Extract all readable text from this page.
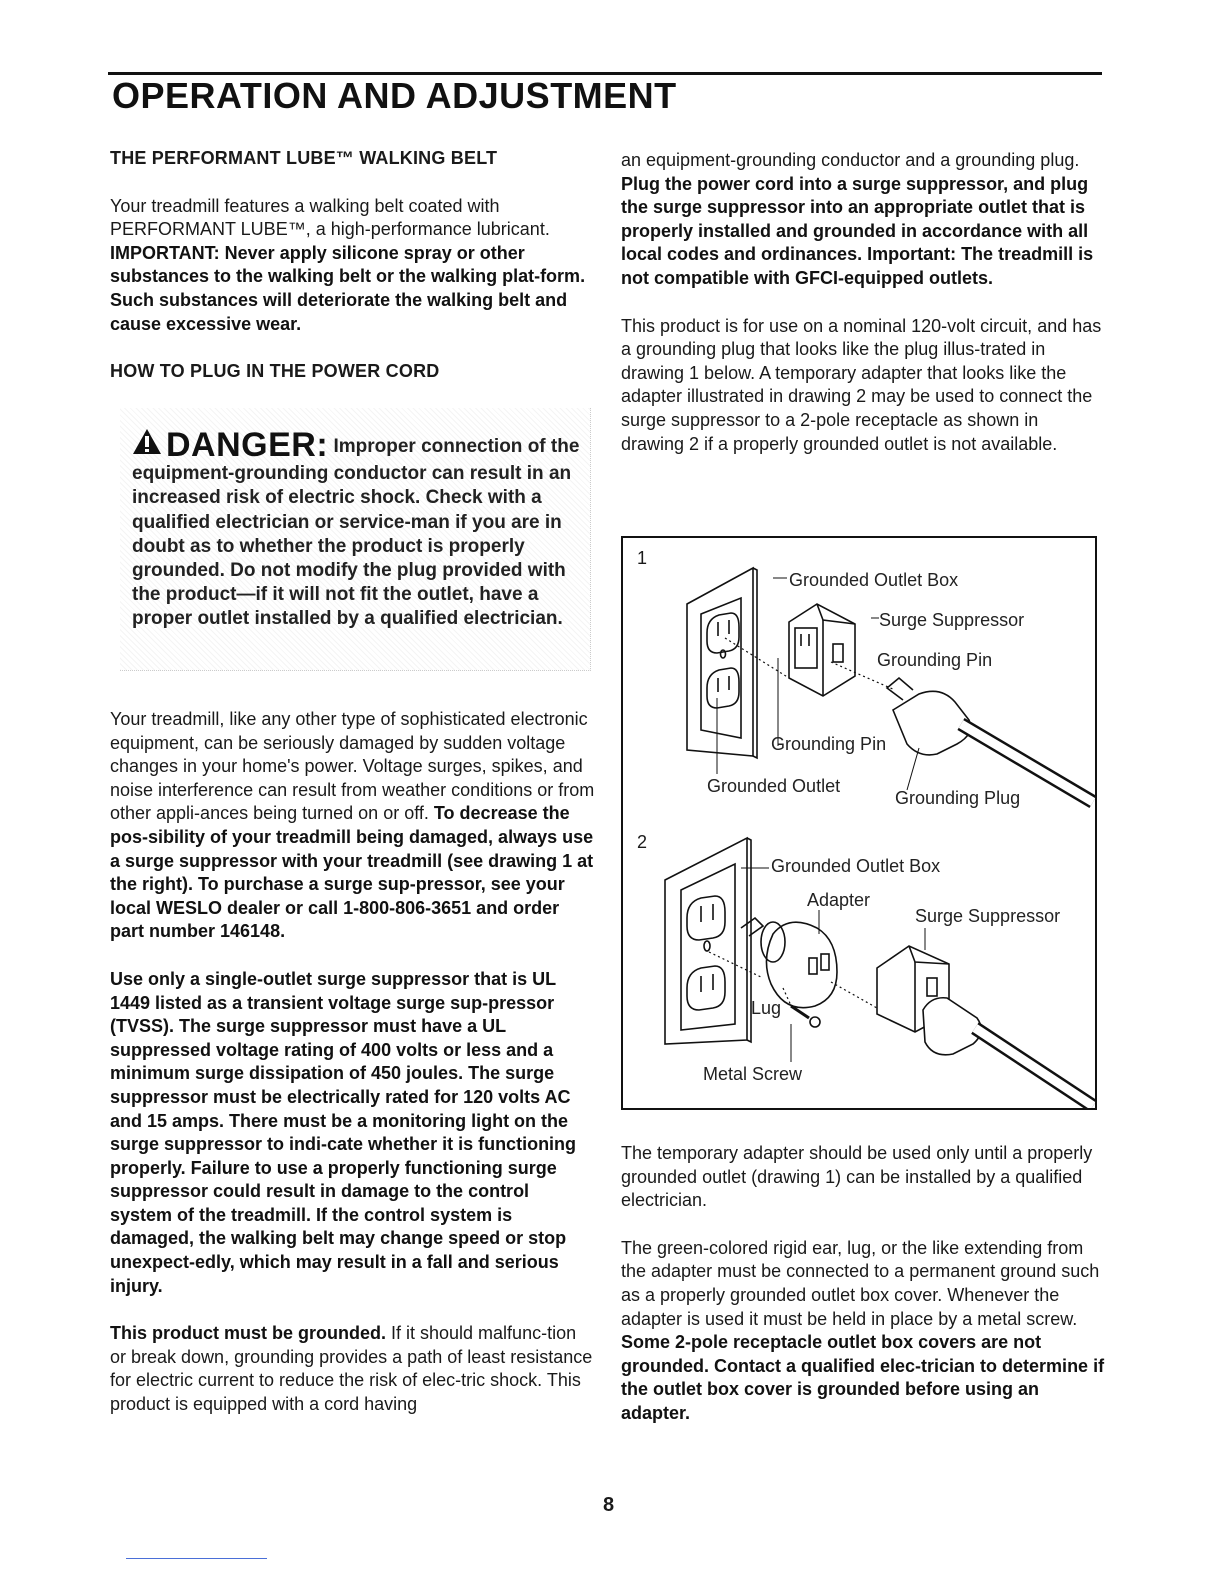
OPERATION AND ADJUSTMENT

THE PERFORMANT LUBE™ WALKING BELT

Your treadmill features a walking belt coated with PERFORMANT LUBE™, a high-performance lubricant. IMPORTANT: Never apply silicone spray or other substances to the walking belt or the walking plat-form. Such substances will deteriorate the walking belt and cause excessive wear.

HOW TO PLUG IN THE POWER CORD

DANGER: Improper connection of the equipment-grounding conductor can result in an increased risk of electric shock. Check with a qualified electrician or service-man if you are in doubt as to whether the product is properly grounded. Do not modify the plug provided with the product—if it will not fit the outlet, have a proper outlet installed by a qualified electrician.

Your treadmill, like any other type of sophisticated electronic equipment, can be seriously damaged by sudden voltage changes in your home's power. Voltage surges, spikes, and noise interference can result from weather conditions or from other appli-ances being turned on or off. To decrease the pos-sibility of your treadmill being damaged, always use a surge suppressor with your treadmill (see drawing 1 at the right). To purchase a surge sup-pressor, see your local WESLO dealer or call 1-800-806-3651 and order part number 146148.

Use only a single-outlet surge suppressor that is UL 1449 listed as a transient voltage surge sup-pressor (TVSS). The surge suppressor must have a UL suppressed voltage rating of 400 volts or less and a minimum surge dissipation of 450 joules. The surge suppressor must be electrically rated for 120 volts AC and 15 amps. There must be a monitoring light on the surge suppressor to indi-cate whether it is functioning properly. Failure to use a properly functioning surge suppressor could result in damage to the control system of the treadmill. If the control system is damaged, the walking belt may change speed or stop unexpect-edly, which may result in a fall and serious injury.

This product must be grounded. If it should malfunc-tion or break down, grounding provides a path of least resistance for electric current to reduce the risk of elec-tric shock. This product is equipped with a cord having

an equipment-grounding conductor and a grounding plug. Plug the power cord into a surge suppressor, and plug the surge suppressor into an appropriate outlet that is properly installed and grounded in accordance with all local codes and ordinances. Important: The treadmill is not compatible with GFCI-equipped outlets.

This product is for use on a nominal 120-volt circuit, and has a grounding plug that looks like the plug illus-trated in drawing 1 below. A temporary adapter that looks like the adapter illustrated in drawing 2 may be used to connect the surge suppressor to a 2-pole receptacle as shown in drawing 2 if a properly grounded outlet is not available.

1
Grounded Outlet Box
Surge Suppressor
Grounding Pin
Grounding Pin
Grounded Outlet
Grounding Plug
2
Grounded Outlet Box
Adapter
Surge Suppressor
Lug
Metal Screw

The temporary adapter should be used only until a properly grounded outlet (drawing 1) can be installed by a qualified electrician.

The green-colored rigid ear, lug, or the like extending from the adapter must be connected to a permanent ground such as a properly grounded outlet box cover. Whenever the adapter is used it must be held in place by a metal screw. Some 2-pole receptacle outlet box covers are not grounded. Contact a qualified elec-trician to determine if the outlet box cover is grounded before using an adapter.

8
